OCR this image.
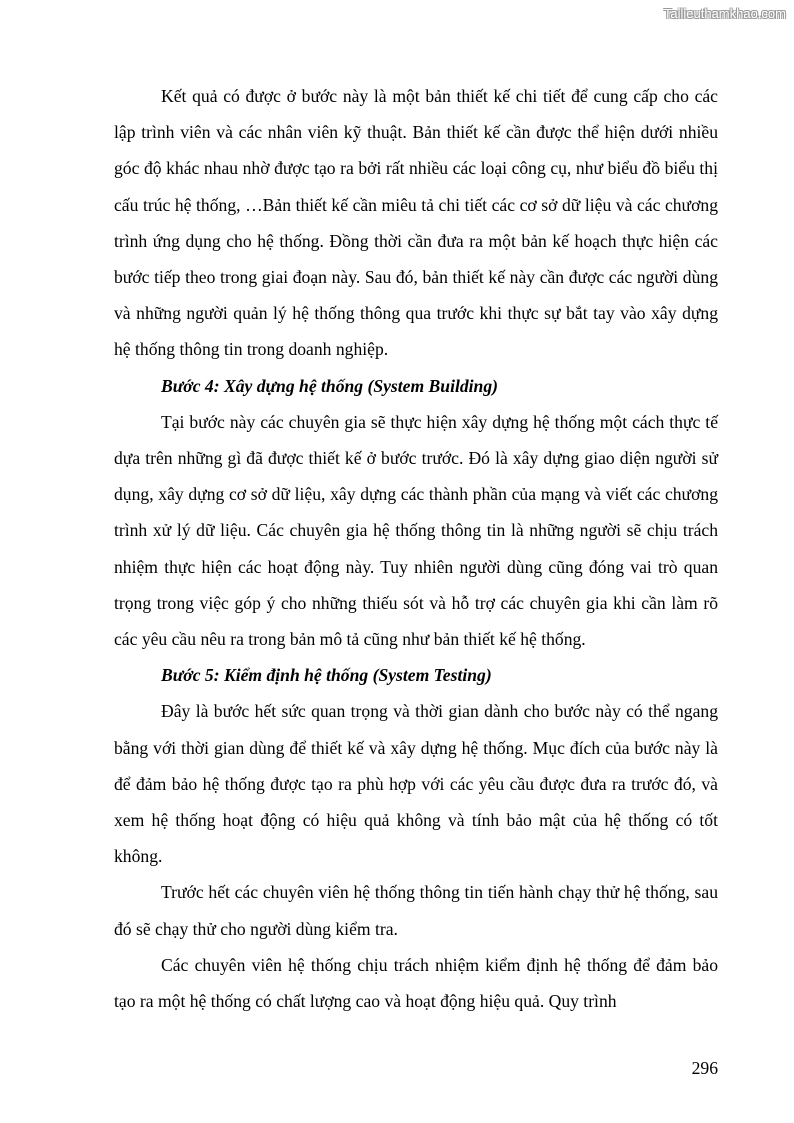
Tailieuthamkhao.com

Kết quả có được ở bước này là một bản thiết kế chi tiết để cung cấp cho các lập trình viên và các nhân viên kỹ thuật. Bản thiết kế cần được thể hiện dưới nhiều góc độ khác nhau nhờ được tạo ra bởi rất nhiều các loại công cụ, như biểu đồ biểu thị cấu trúc hệ thống, …Bản thiết kế cần miêu tả chi tiết các cơ sở dữ liệu và các chương trình ứng dụng cho hệ thống. Đồng thời cần đưa ra một bản kế hoạch thực hiện các bước tiếp theo trong giai đoạn này. Sau đó, bản thiết kế này cần được các người dùng và những người quản lý hệ thống thông qua trước khi thực sự bắt tay vào xây dựng hệ thống thông tin trong doanh nghiệp.

Bước 4: Xây dựng hệ thống (System Building)

Tại bước này các chuyên gia sẽ thực hiện xây dựng hệ thống một cách thực tế dựa trên những gì đã được thiết kế ở bước trước. Đó là xây dựng giao diện người sử dụng, xây dựng cơ sở dữ liệu, xây dựng các thành phần của mạng và viết các chương trình xử lý dữ liệu. Các chuyên gia hệ thống thông tin là những người sẽ chịu trách nhiệm thực hiện các hoạt động này. Tuy nhiên người dùng cũng đóng vai trò quan trọng trong việc góp ý cho những thiếu sót và hỗ trợ các chuyên gia khi cần làm rõ các yêu cầu nêu ra trong bản mô tả cũng như bản thiết kế hệ thống.

Bước 5: Kiểm định hệ thống (System Testing)

Đây là bước hết sức quan trọng và thời gian dành cho bước này có thể ngang bằng với thời gian dùng để thiết kế và xây dựng hệ thống. Mục đích của bước này là để đảm bảo hệ thống được tạo ra phù hợp với các yêu cầu được đưa ra trước đó, và xem hệ thống hoạt động có hiệu quả không và tính bảo mật của hệ thống có tốt không.

Trước hết các chuyên viên hệ thống thông tin tiến hành chạy thử hệ thống, sau đó sẽ chạy thử cho người dùng kiểm tra.

Các chuyên viên hệ thống chịu trách nhiệm kiểm định hệ thống để đảm bảo tạo ra một hệ thống có chất lượng cao và hoạt động hiệu quả. Quy trình

296
